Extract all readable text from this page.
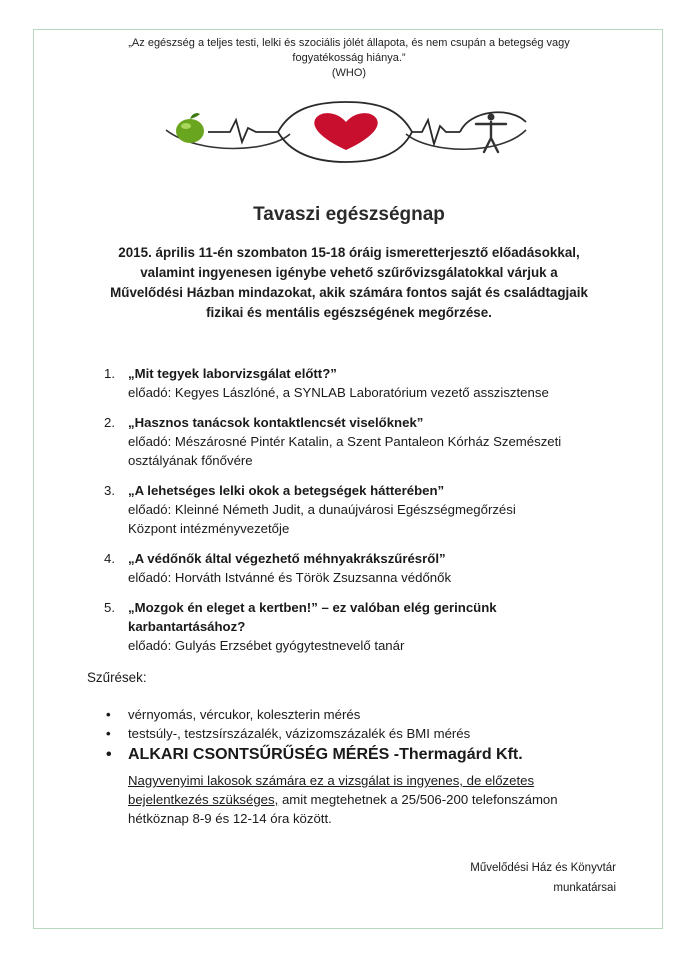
„Az egészség a teljes testi, lelki és szociális jólét állapota, és nem csupán a betegség vagy
fogyatékosság hiánya.”
(WHO)
Tavaszi egészségnap
2015. április 11-én szombaton 15-18 óráig ismeretterjesztő előadásokkal,
valamint ingyenesen igénybe vehető szűrővizsgálatokkal várjuk a
Művelődési Házban mindazokat, akik számára fontos saját és családtagjaik
fizikai és mentális egészségének megőrzése.
1. „Mit tegyek laborvizsgálat előtt?”
előadó: Kegyes Lászlóné, a SYNLAB Laboratórium vezető asszisztense
2. „Hasznos tanácsok kontaktlencsét viselőknek”
előadó: Mészárosné Pintér Katalin, a Szent Pantaleon Kórház Szemészeti
osztályának főnővére
3. „A lehetséges lelki okok a betegségek hátterében”
előadó: Kleinné Németh Judit, a dunaújvárosi Egészségmegőrzési
Központ intézményvezetője
4. „A védőnők által végezhető méhnyakrákszűrésről”
előadó: Horváth Istvánné és Török Zsuzsanna védőnők
5. „Mozgok én eleget a kertben!” – ez valóban elég gerincünk
karbantartásához?
előadó: Gulyás Erzsébet gyógytestnevelő tanár
Szűrések:
• vérnyomás, vércukor, koleszterin mérés
• testsúly-, testzsírszázalék, vázizomszázalék és BMI mérés
• ALKARI CSONTSŰRŰSÉG MÉRÉS -Thermagárd Kft.
Nagyvenyimi lakosok számára ez a vizsgálat is ingyenes, de előzetes
bejelentkezés szükséges, amit megtehetnek a 25/506-200 telefonszámon
hétköznap 8-9 és 12-14 óra között.
Művelődési Ház és Könyvtár
munkatársai
